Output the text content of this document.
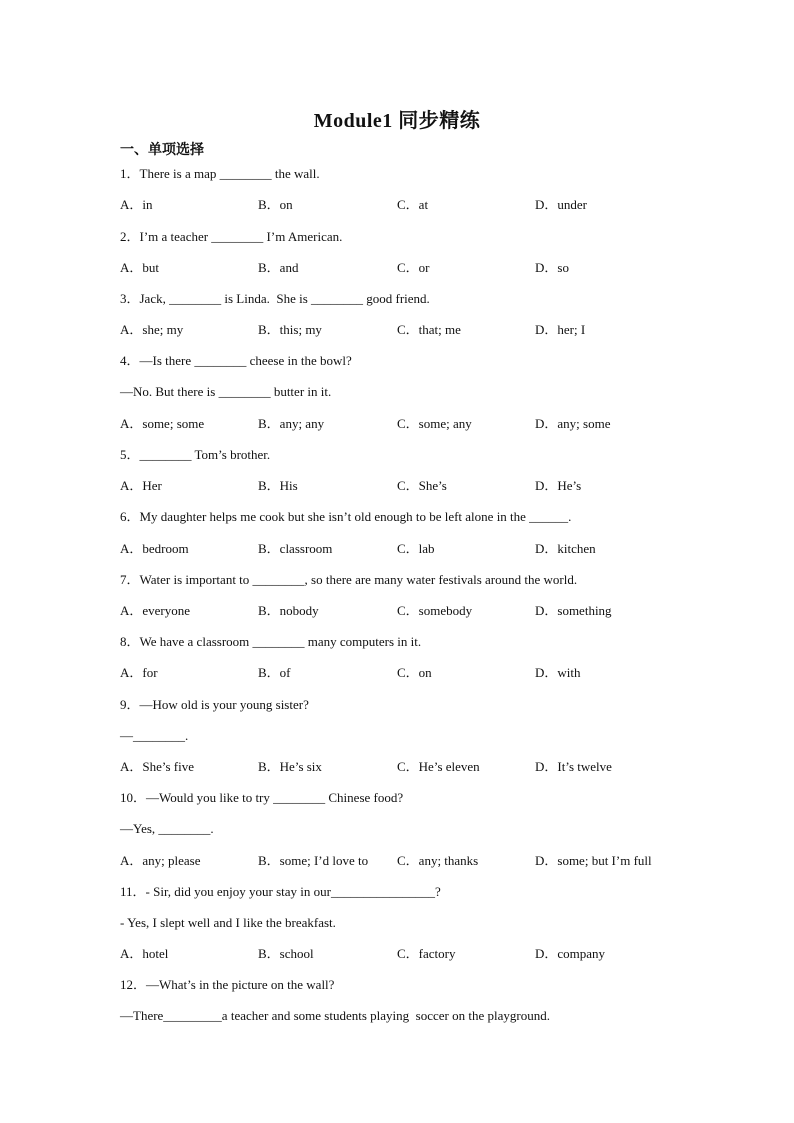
Module1 同步精练
一、单项选择
1．There is a map ________ the wall.
A．in	B．on	C．at	D．under
2．I’m a teacher ________ I’m American.
A．but	B．and	C．or	D．so
3．Jack, ________ is Linda.  She is ________ good friend.
A．she; my	B．this; my	C．that; me	D．her; I
4．—Is there ________ cheese in the bowl?
—No. But there is ________ butter in it.
A．some; some	B．any; any	C．some; any	D．any; some
5．________ Tom’s brother.
A．Her	B．His	C．She’s	D．He’s
6．My daughter helps me cook but she isn’t old enough to be left alone in the ______.
A．bedroom	B．classroom	C．lab	D．kitchen
7．Water is important to ________, so there are many water festivals around the world.
A．everyone	B．nobody	C．somebody	D．something
8．We have a classroom ________ many computers in it.
A．for	B．of	C．on	D．with
9．—How old is your young sister?
—________.
A．She’s five	B．He’s six	C．He’s eleven	D．It’s twelve
10．—Would you like to try ________ Chinese food?
—Yes, ________.
A．any; please	B．some; I’d love to C．any; thanks	D．some; but I’m full
11．- Sir, did you enjoy your stay in our________________?
- Yes, I slept well and I like the breakfast.
A．hotel	B．school	C．factory	D．company
12．—What’s in the picture on the wall?
—There_________a teacher and some students playing  soccer on the playground.
